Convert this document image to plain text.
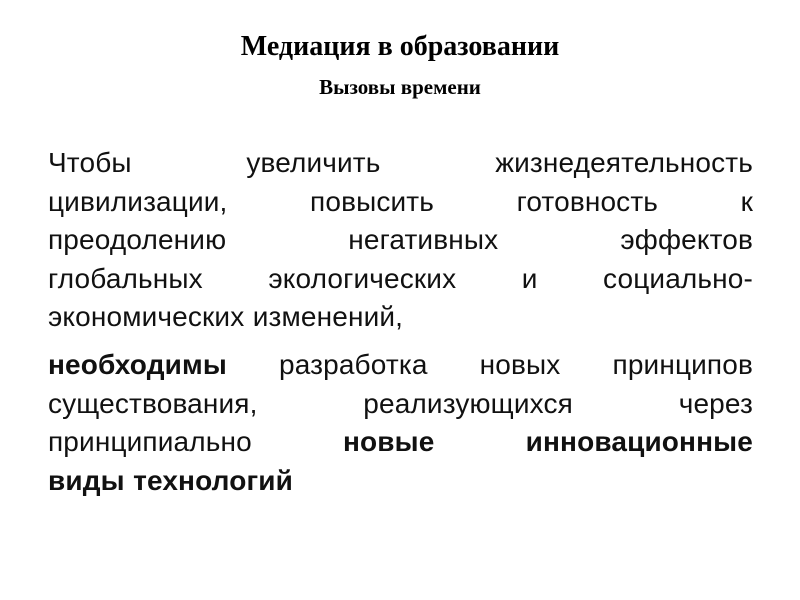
Медиация в образовании
Вызовы времени
Чтобы	увеличить	жизнедеятельность
цивилизации,	повысить	готовность	к
преодолению	негативных	эффектов
глобальных экологических и социально-
экономических изменений,
необходимы разработка новых принципов
существования,	реализующихся	через
принципиально	новые	инновационные
виды технологий
